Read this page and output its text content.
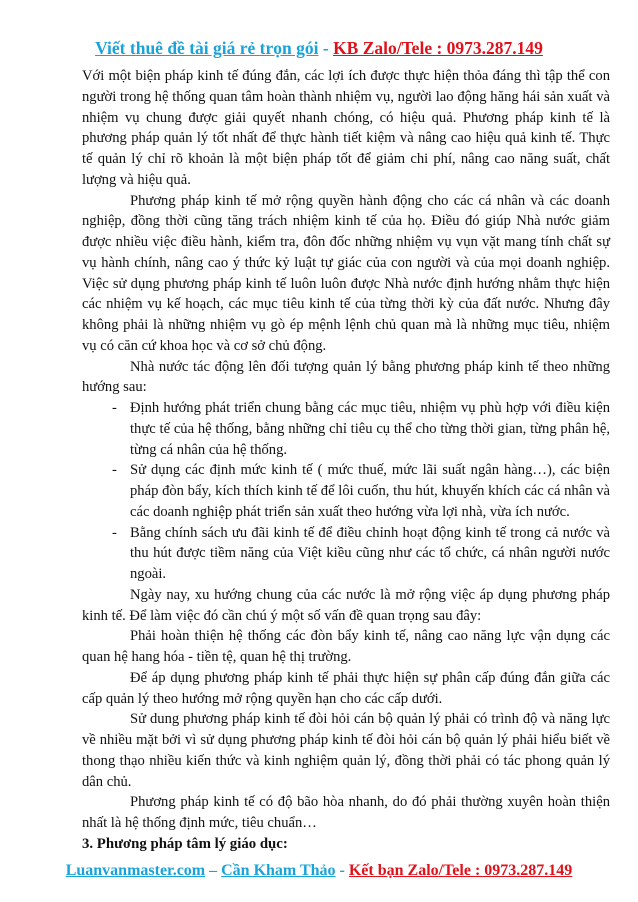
Viết thuê đề tài giá rẻ trọn gói - KB Zalo/Tele : 0973.287.149

Với một biện pháp kinh tế đúng đắn, các lợi ích được thực hiện thỏa đáng thì tập thể con người trong hệ thống quan tâm hoàn thành nhiệm vụ, người lao động hăng hái sản xuất và nhiệm vụ chung được giải quyết nhanh chóng, có hiệu quả. Phương pháp kinh tế là phương pháp quản lý tốt nhất để thực hành tiết kiệm và nâng cao hiệu quả kinh tế. Thực tế quản lý chỉ rõ khoản là một biện pháp tốt để giảm chi phí, nâng cao năng suất, chất lượng và hiệu quả.

Phương pháp kinh tế mở rộng quyền hành động cho các cá nhân và các doanh nghiệp, đồng thời cũng tăng trách nhiệm kinh tế của họ. Điều đó giúp Nhà nước giảm được nhiều việc điều hành, kiểm tra, đôn đốc những nhiệm vụ vụn vặt mang tính chất sự vụ hành chính, nâng cao ý thức kỷ luật tự giác của con người và của mọi doanh nghiệp. Việc sử dụng phương pháp kinh tế luôn luôn được Nhà nước định hướng nhằm thực hiện các nhiệm vụ kế hoạch, các mục tiêu kinh tế của từng thời kỳ của đất nước. Nhưng đây không phải là những nhiệm vụ gò ép mệnh lệnh chủ quan mà là những mục tiêu, nhiệm vụ có căn cứ khoa học và cơ sở chủ động.

Nhà nước tác động lên đối tượng quản lý bằng phương pháp kinh tế theo những hướng sau:

- Định hướng phát triển chung bằng các mục tiêu, nhiệm vụ phù hợp với điều kiện thực tế của hệ thống, bằng những chỉ tiêu cụ thể cho từng thời gian, từng phân hệ, từng cá nhân của hệ thống.
- Sử dụng các định mức kinh tế ( mức thuế, mức lãi suất ngân hàng…), các biện pháp đòn bẩy, kích thích kinh tế để lôi cuốn, thu hút, khuyến khích các cá nhân và các doanh nghiệp phát triển sản xuất theo hướng vừa lợi nhà, vừa ích nước.
- Bằng chính sách ưu đãi kinh tế để điều chỉnh hoạt động kinh tế trong cả nước và thu hút được tiềm năng của Việt kiều cũng như các tổ chức, cá nhân người nước ngoài.

Ngày nay, xu hướng chung của các nước là mở rộng việc áp dụng phương pháp kinh tế. Để làm việc đó cần chú ý một số vấn đề quan trọng sau đây:

Phải hoàn thiện hệ thống các đòn bẩy kinh tế, nâng cao năng lực vận dụng các quan hệ hang hóa - tiền tệ, quan hệ thị trường.

Để áp dụng phương pháp kinh tế phải thực hiện sự phân cấp đúng đắn giữa các cấp quản lý theo hướng mở rộng quyền hạn cho các cấp dưới.

Sử dung phương pháp kinh tế đòi hỏi cán bộ quản lý phải có trình độ và năng lực về nhiều mặt bởi vì sử dụng phương pháp kinh tế đòi hỏi cán bộ quản lý phải hiểu biết về thong thạo nhiều kiến thức và kinh nghiệm quản lý, đồng thời phải có tác phong quản lý dân chủ.

Phương pháp kinh tế có độ bão hòa nhanh, do đó phải thường xuyên hoàn thiện nhất là hệ thống định mức, tiêu chuẩn…

3. Phương pháp tâm lý giáo dục:
Luanvanmaster.com – Cần Kham Thảo - Kết bạn Zalo/Tele : 0973.287.149
